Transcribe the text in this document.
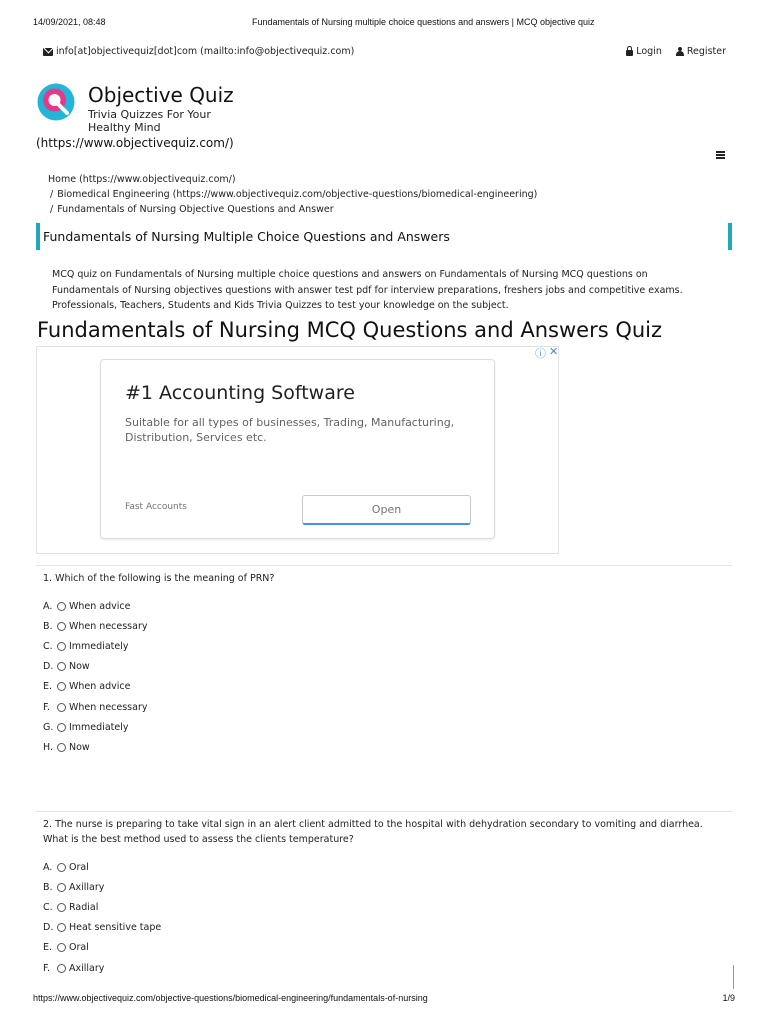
14/09/2021, 08:48	Fundamentals of Nursing multiple choice questions and answers | MCQ objective quiz
info[at]objectivequiz[dot]com (mailto:info@objectivequiz.com)	Login	Register
Objective Quiz
Trivia Quizzes For Your Healthy Mind
(https://www.objectivequiz.com/)
Home (https://www.objectivequiz.com/)
/ Biomedical Engineering (https://www.objectivequiz.com/objective-questions/biomedical-engineering)
/ Fundamentals of Nursing Objective Questions and Answer
Fundamentals of Nursing Multiple Choice Questions and Answers

MCQ quiz on Fundamentals of Nursing multiple choice questions and answers on Fundamentals of Nursing MCQ questions on Fundamentals of Nursing objectives questions with answer test pdf for interview preparations, freshers jobs and competitive exams. Professionals, Teachers, Students and Kids Trivia Quizzes to test your knowledge on the subject.

Fundamentals of Nursing MCQ Questions and Answers Quiz
ⓘ ✕
#1 Accounting Software
Suitable for all types of businesses, Trading, Manufacturing, Distribution, Services etc.
Fast Accounts	Open
1. Which of the following is the meaning of PRN?
A.	When advice
B.	When necessary
C.	Immediately
D.	Now
E.	When advice
F.	When necessary
G.	Immediately
H.	Now
2. The nurse is preparing to take vital sign in an alert client admitted to the hospital with dehydration secondary to vomiting and diarrhea. What is the best method used to assess the clients temperature?
A.	Oral
B.	Axillary
C.	Radial
D.	Heat sensitive tape
E.	Oral
F.	Axillary
https://www.objectivequiz.com/objective-questions/biomedical-engineering/fundamentals-of-nursing	1/9
